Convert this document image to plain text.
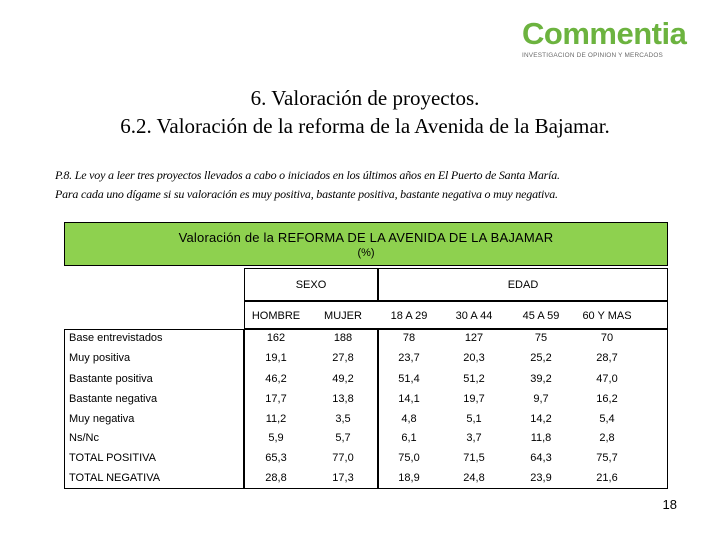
Commentia
INVESTIGACION DE OPINION Y MERCADOS
6. Valoración de proyectos.
6.2. Valoración de la reforma de la Avenida de la Bajamar.
P.8. Le voy a leer tres proyectos llevados a cabo o iniciados en los últimos años en El Puerto de Santa María.
Para cada uno dígame si su valoración es muy positiva, bastante positiva, bastante negativa o muy negativa.
Valoración de la REFORMA DE LA AVENIDA DE LA BAJAMAR
(%)
SEXO	EDAD
HOMBRE	MUJER	18 A 29	30 A 44	45 A 59	60 Y MAS
Base entrevistados	162	188	78	127	75	70
Muy positiva	19,1	27,8	23,7	20,3	25,2	28,7
Bastante positiva	46,2	49,2	51,4	51,2	39,2	47,0
Bastante negativa	17,7	13,8	14,1	19,7	9,7	16,2
Muy negativa	11,2	3,5	4,8	5,1	14,2	5,4
Ns/Nc	5,9	5,7	6,1	3,7	11,8	2,8
TOTAL POSITIVA	65,3	77,0	75,0	71,5	64,3	75,7
TOTAL NEGATIVA	28,8	17,3	18,9	24,8	23,9	21,6
18
